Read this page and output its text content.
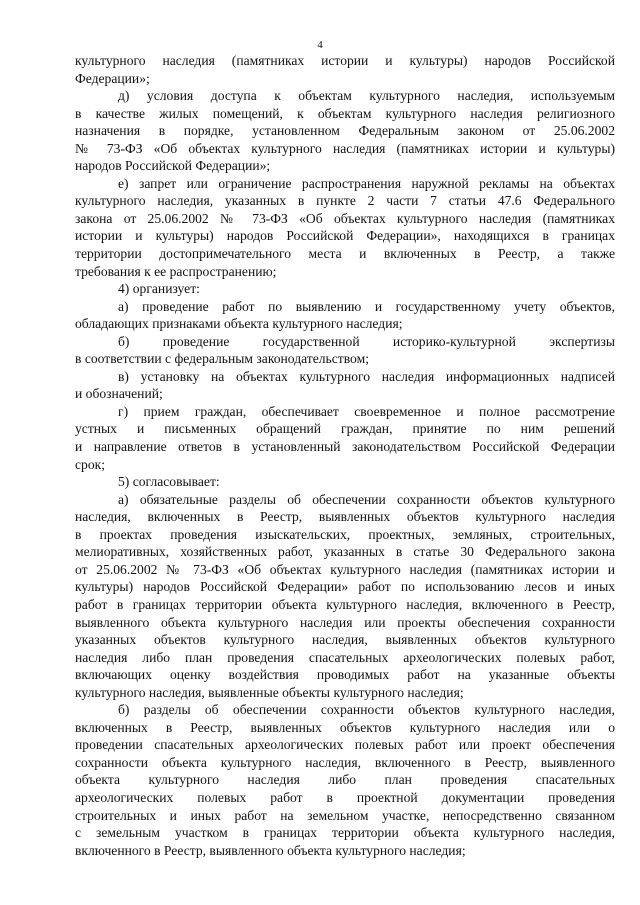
4
культурного наследия (памятниках истории и культуры) народов Российской
Федерации»;
д) условия доступа к объектам культурного наследия, используемым
в качестве жилых помещений, к объектам культурного наследия религиозного
назначения в порядке, установленном Федеральным законом от 25.06.2002
№ 73-ФЗ «Об объектах культурного наследия (памятниках истории и культуры)
народов Российской Федерации»;
е) запрет или ограничение распространения наружной рекламы на объектах
культурного наследия, указанных в пункте 2 части 7 статьи 47.6 Федерального
закона от 25.06.2002 № 73-ФЗ «Об объектах культурного наследия (памятниках
истории и культуры) народов Российской Федерации», находящихся в границах
территории достопримечательного места и включенных в Реестр, а также
требования к ее распространению;
4) организует:
а) проведение работ по выявлению и государственному учету объектов,
обладающих признаками объекта культурного наследия;
б) проведение государственной историко-культурной экспертизы
в соответствии с федеральным законодательством;
в) установку на объектах культурного наследия информационных надписей
и обозначений;
г) прием граждан, обеспечивает своевременное и полное рассмотрение
устных и письменных обращений граждан, принятие по ним решений
и направление ответов в установленный законодательством Российской Федерации
срок;
5) согласовывает:
а) обязательные разделы об обеспечении сохранности объектов культурного
наследия, включенных в Реестр, выявленных объектов культурного наследия
в проектах проведения изыскательских, проектных, земляных, строительных,
мелиоративных, хозяйственных работ, указанных в статье 30 Федерального закона
от 25.06.2002 № 73-ФЗ «Об объектах культурного наследия (памятниках истории и
культуры) народов Российской Федерации» работ по использованию лесов и иных
работ в границах территории объекта культурного наследия, включенного в Реестр,
выявленного объекта культурного наследия или проекты обеспечения сохранности
указанных объектов культурного наследия, выявленных объектов культурного
наследия либо план проведения спасательных археологических полевых работ,
включающих оценку воздействия проводимых работ на указанные объекты
культурного наследия, выявленные объекты культурного наследия;
б) разделы об обеспечении сохранности объектов культурного наследия,
включенных в Реестр, выявленных объектов культурного наследия или о
проведении спасательных археологических полевых работ или проект обеспечения
сохранности объекта культурного наследия, включенного в Реестр, выявленного
объекта культурного наследия либо план проведения спасательных
археологических полевых работ в проектной документации проведения
строительных и иных работ на земельном участке, непосредственно связанном
с земельным участком в границах территории объекта культурного наследия,
включенного в Реестр, выявленного объекта культурного наследия;
